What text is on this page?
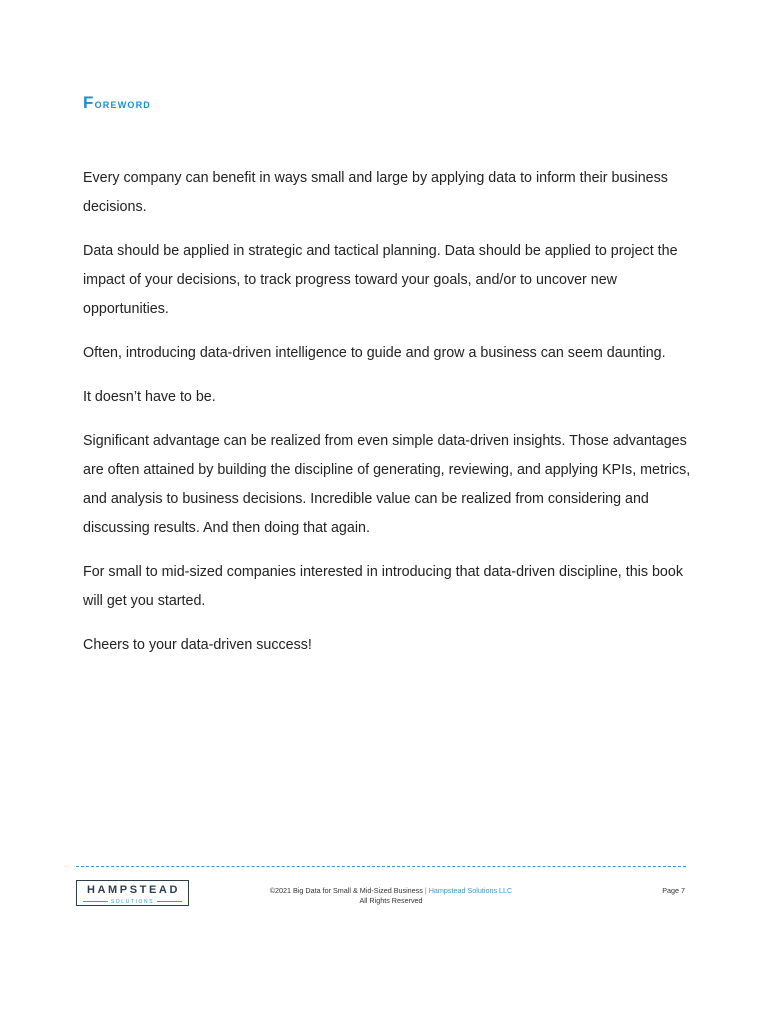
Foreword

Every company can benefit in ways small and large by applying data to inform their business decisions.

Data should be applied in strategic and tactical planning. Data should be applied to project the impact of your decisions, to track progress toward your goals, and/or to uncover new opportunities.

Often, introducing data-driven intelligence to guide and grow a business can seem daunting.

It doesn’t have to be.

Significant advantage can be realized from even simple data-driven insights. Those advantages are often attained by building the discipline of generating, reviewing, and applying KPIs, metrics, and analysis to business decisions. Incredible value can be realized from considering and discussing results. And then doing that again.

For small to mid-sized companies interested in introducing that data-driven discipline, this book will get you started.

Cheers to your data-driven success!

HAMPSTEAD
SOLUTIONS
©2021 Big Data for Small & Mid-Sized Business | Hampstead Solutions LLC
All Rights Reserved
Page 7
